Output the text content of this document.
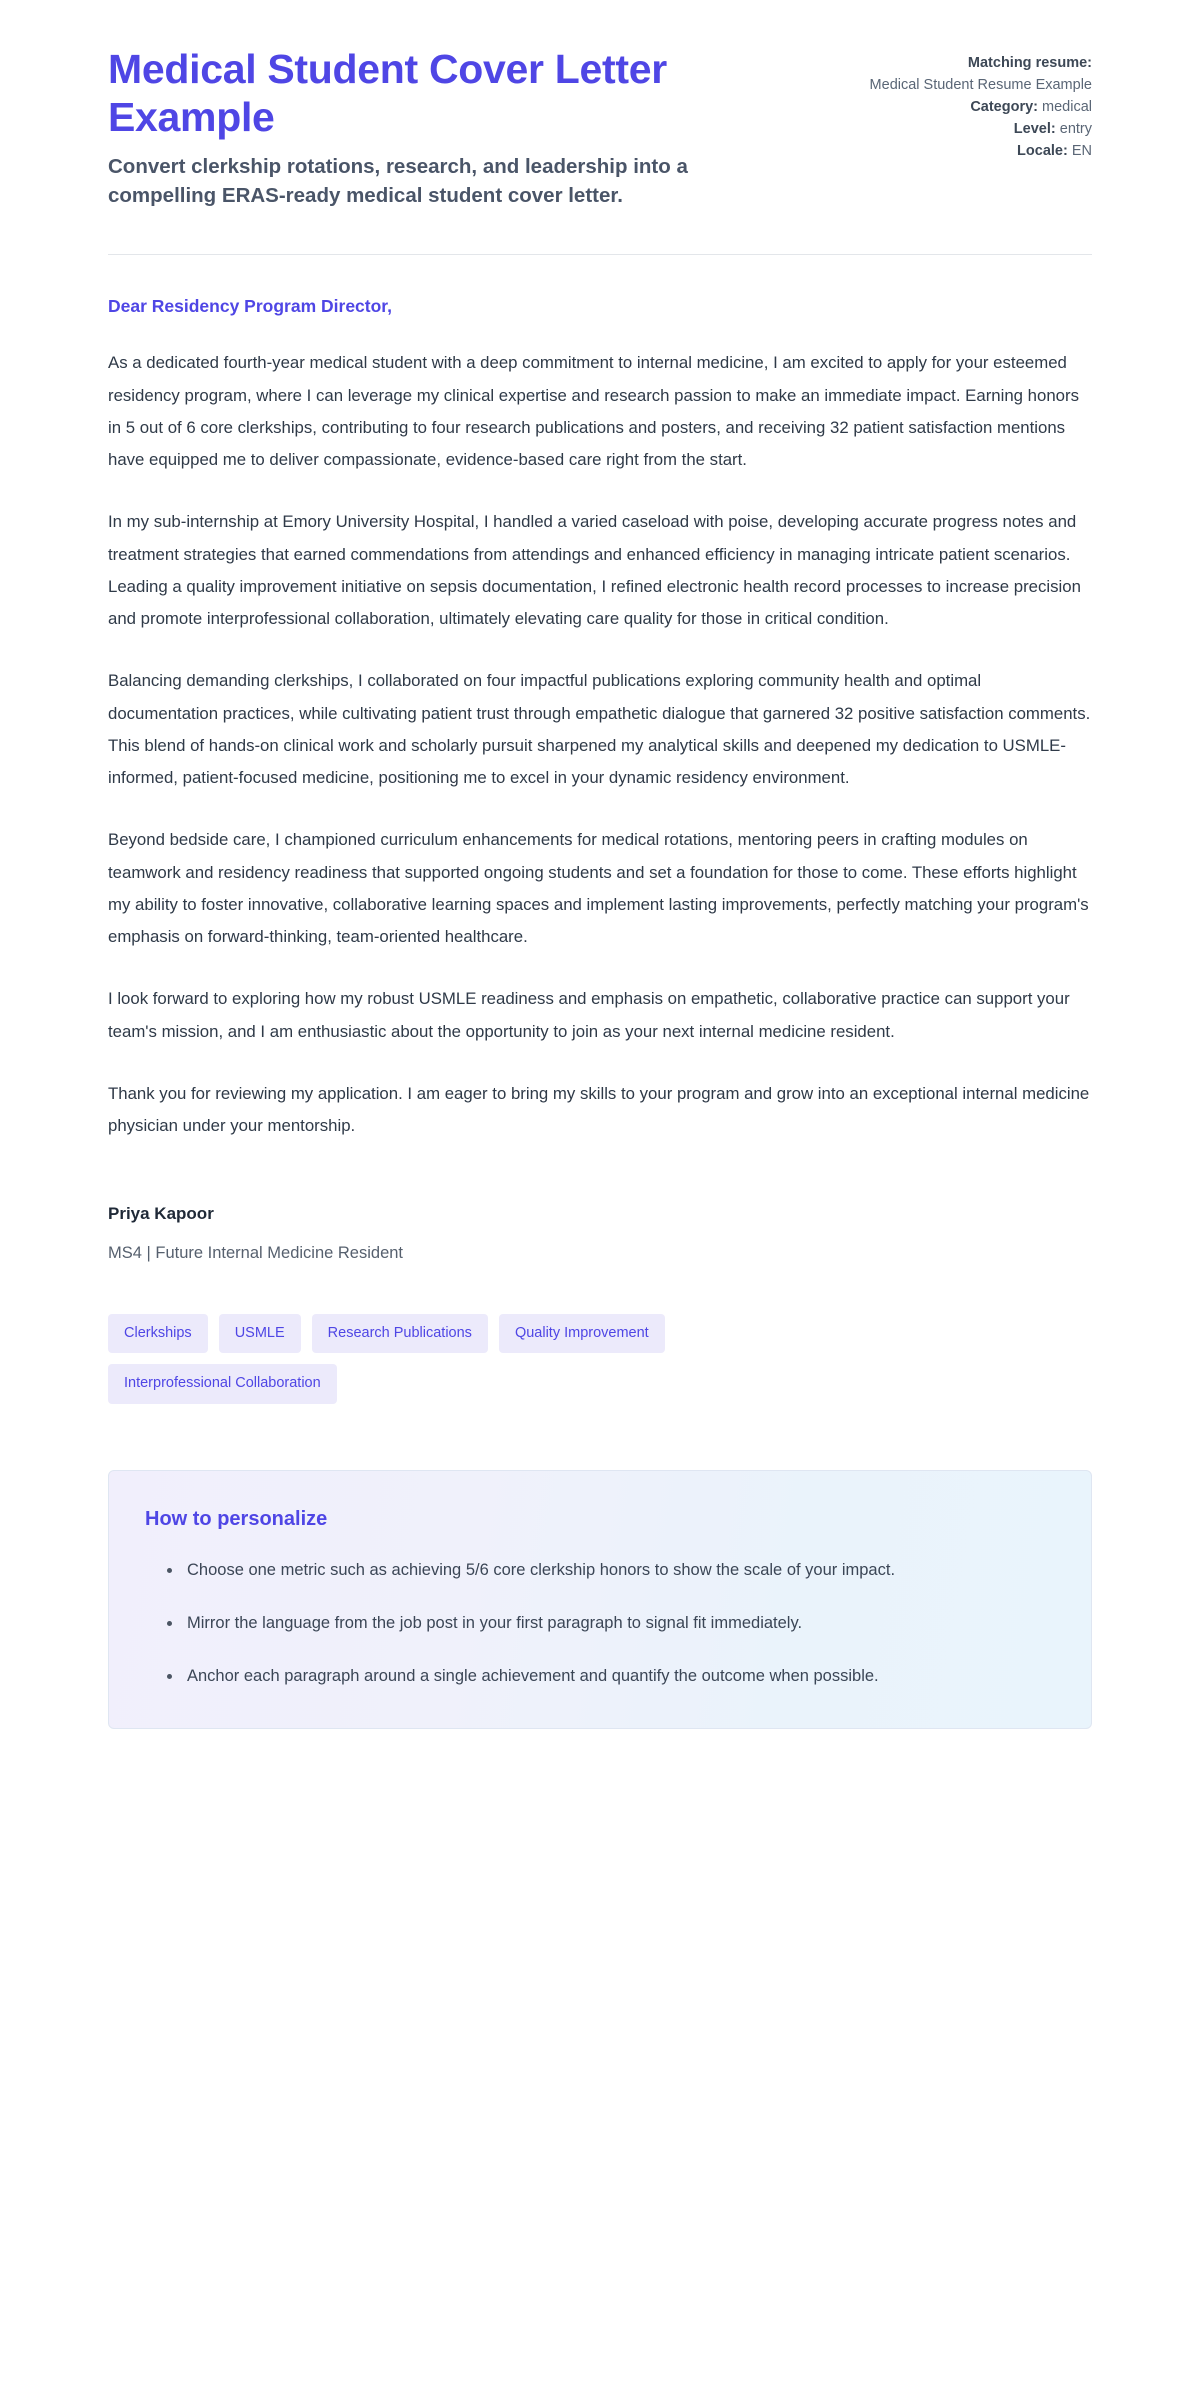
Medical Student Cover Letter Example

Convert clerkship rotations, research, and leadership into a compelling ERAS-ready medical student cover letter.

Matching resume:
Medical Student Resume Example
Category: medical
Level: entry
Locale: EN

Dear Residency Program Director,

As a dedicated fourth-year medical student with a deep commitment to internal medicine, I am excited to apply for your esteemed residency program, where I can leverage my clinical expertise and research passion to make an immediate impact. Earning honors in 5 out of 6 core clerkships, contributing to four research publications and posters, and receiving 32 patient satisfaction mentions have equipped me to deliver compassionate, evidence-based care right from the start.

In my sub-internship at Emory University Hospital, I handled a varied caseload with poise, developing accurate progress notes and treatment strategies that earned commendations from attendings and enhanced efficiency in managing intricate patient scenarios. Leading a quality improvement initiative on sepsis documentation, I refined electronic health record processes to increase precision and promote interprofessional collaboration, ultimately elevating care quality for those in critical condition.

Balancing demanding clerkships, I collaborated on four impactful publications exploring community health and optimal documentation practices, while cultivating patient trust through empathetic dialogue that garnered 32 positive satisfaction comments. This blend of hands-on clinical work and scholarly pursuit sharpened my analytical skills and deepened my dedication to USMLE-informed, patient-focused medicine, positioning me to excel in your dynamic residency environment.

Beyond bedside care, I championed curriculum enhancements for medical rotations, mentoring peers in crafting modules on teamwork and residency readiness that supported ongoing students and set a foundation for those to come. These efforts highlight my ability to foster innovative, collaborative learning spaces and implement lasting improvements, perfectly matching your program's emphasis on forward-thinking, team-oriented healthcare.

I look forward to exploring how my robust USMLE readiness and emphasis on empathetic, collaborative practice can support your team's mission, and I am enthusiastic about the opportunity to join as your next internal medicine resident.

Thank you for reviewing my application. I am eager to bring my skills to your program and grow into an exceptional internal medicine physician under your mentorship.

Priya Kapoor

MS4 | Future Internal Medicine Resident

Clerkships	USMLE	Research Publications	Quality Improvement
Interprofessional Collaboration
How to personalize
Choose one metric such as achieving 5/6 core clerkship honors to show the scale of your impact.
Mirror the language from the job post in your first paragraph to signal fit immediately.
Anchor each paragraph around a single achievement and quantify the outcome when possible.
